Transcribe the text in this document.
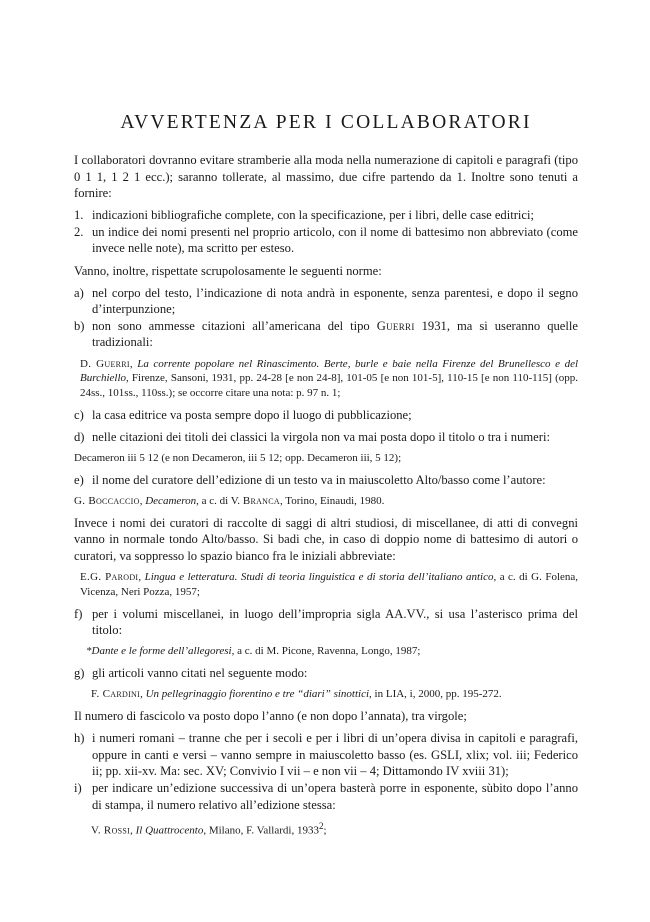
AVVERTENZA PER I COLLABORATORI

I collaboratori dovranno evitare stramberie alla moda nella numerazione di capitoli e paragrafi (tipo 0 1 1, 1 2 1 ecc.); saranno tollerate, al massimo, due cifre partendo da 1. Inoltre sono tenuti a fornire:

1. indicazioni bibliografiche complete, con la specificazione, per i libri, delle case editrici;
2. un indice dei nomi presenti nel proprio articolo, con il nome di battesimo non abbreviato (come invece nelle note), ma scritto per esteso.

Vanno, inoltre, rispettate scrupolosamente le seguenti norme:

a) nel corpo del testo, l’indicazione di nota andrà in esponente, senza parentesi, e dopo il segno d’interpunzione;
b) non sono ammesse citazioni all’americana del tipo Guerri 1931, ma si useranno quelle tradizionali:
D. Guerri, La corrente popolare nel Rinascimento. Berte, burle e baie nella Firenze del Brunellesco e del Burchiello, Firenze, Sansoni, 1931, pp. 24-28 [e non 24-8], 101-05 [e non 101-5], 110-15 [e non 110-115] (opp. 24ss., 101ss., 110ss.); se occorre citare una nota: p. 97 n. 1;
c) la casa editrice va posta sempre dopo il luogo di pubblicazione;
d) nelle citazioni dei titoli dei classici la virgola non va mai posta dopo il titolo o tra i numeri:
Decameron iii 5 12 (e non Decameron, iii 5 12; opp. Decameron iii, 5 12);
e) il nome del curatore dell’edizione di un testo va in maiuscoletto Alto/basso come l’autore:
G. Boccaccio, Decameron, a c. di V. Branca, Torino, Einaudi, 1980.

Invece i nomi dei curatori di raccolte di saggi di altri studiosi, di miscellanee, di atti di convegni vanno in normale tondo Alto/basso. Si badi che, in caso di doppio nome di battesimo di autori o curatori, va soppresso lo spazio bianco fra le iniziali abbreviate:

E.G. Parodi, Lingua e letteratura. Studi di teoria linguistica e di storia dell’italiano antico, a c. di G. Folena, Vicenza, Neri Pozza, 1957;
f) per i volumi miscellanei, in luogo dell’impropria sigla AA.VV., si usa l’asterisco prima del titolo:
*Dante e le forme dell’allegoresi, a c. di M. Picone, Ravenna, Longo, 1987;
g) gli articoli vanno citati nel seguente modo:
F. Cardini, Un pellegrinaggio fiorentino e tre “diari” sinottici, in LIA, i, 2000, pp. 195-272.

Il numero di fascicolo va posto dopo l’anno (e non dopo l’annata), tra virgole;

h) i numeri romani – tranne che per i secoli e per i libri di un’opera divisa in capitoli e paragrafi, oppure in canti e versi – vanno sempre in maiuscoletto basso (es. GSLI, xlix; vol. iii; Federico ii; pp. xii-xv. Ma: sec. XV; Convivio I vii – e non vii – 4; Dittamondo IV xviii 31);
i) per indicare un’edizione successiva di un’opera basterà porre in esponente, sùbito dopo l’anno di stampa, il numero relativo all’edizione stessa:
V. Rossi, Il Quattrocento, Milano, F. Vallardi, 1933$^2$;
